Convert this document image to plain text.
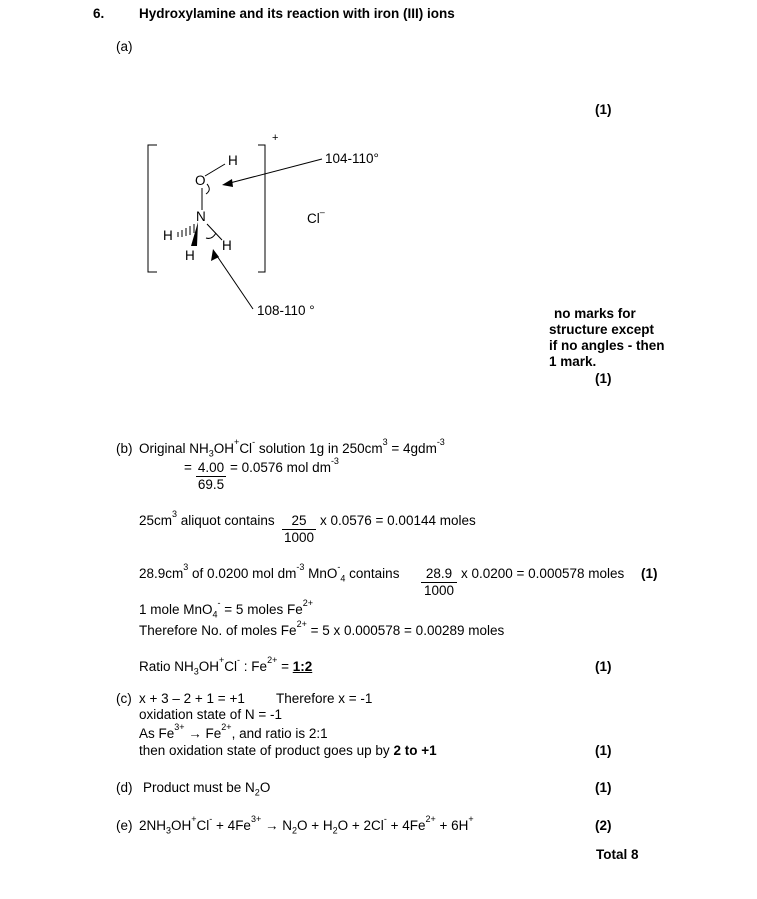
6.	Hydroxylamine and its reaction with iron (III) ions
(a)
(1)
H
O
N
H
H
H
+
Cl–
104-110°
108-110 °	no marks for
structure except
if no angles - then
1 mark.
(1)
(b) Original $NH_3OH^+Cl^-$ solution 1g in $250cm^3 = 4gdm^{-3}$
= $\frac{4.00}{69.5} = 0.0576$ mol $dm^{-3}$
$25cm^3$ aliquot contains $\frac{25}{1000}$ x 0.0576 = 0.00144 moles
$28.9cm^3$ of 0.0200 mol $dm^{-3}$ MnO-$_4$ contains $\frac{28.9}{1000}$ x 0.0200 = 0.000578 moles (1)
1 mole MnO$_4$- = 5 moles $Fe^{2+}$
Therefore No. of moles $Fe^{2+} = 5$ x 0.000578 = 0.00289 moles
Ratio $NH_3OH^+Cl^-$ : $Fe^{2+}$ = 1:2	(1)
(c) x + 3 – 2 + 1 = +1 Therefore x = -1
oxidation state of N = -1
As $Fe^{3+} \to Fe^{2+}$, and ratio is 2:1
then oxidation state of product goes up by 2 to +1	(1)
(d) Product must be $N_2O$	(1)
(e) $2NH_3OH^+Cl^- + 4Fe^{3+} \to N_2O + H_2O + 2Cl^- + 4Fe^{2+} + 6H^+$	(2)
Total 8
